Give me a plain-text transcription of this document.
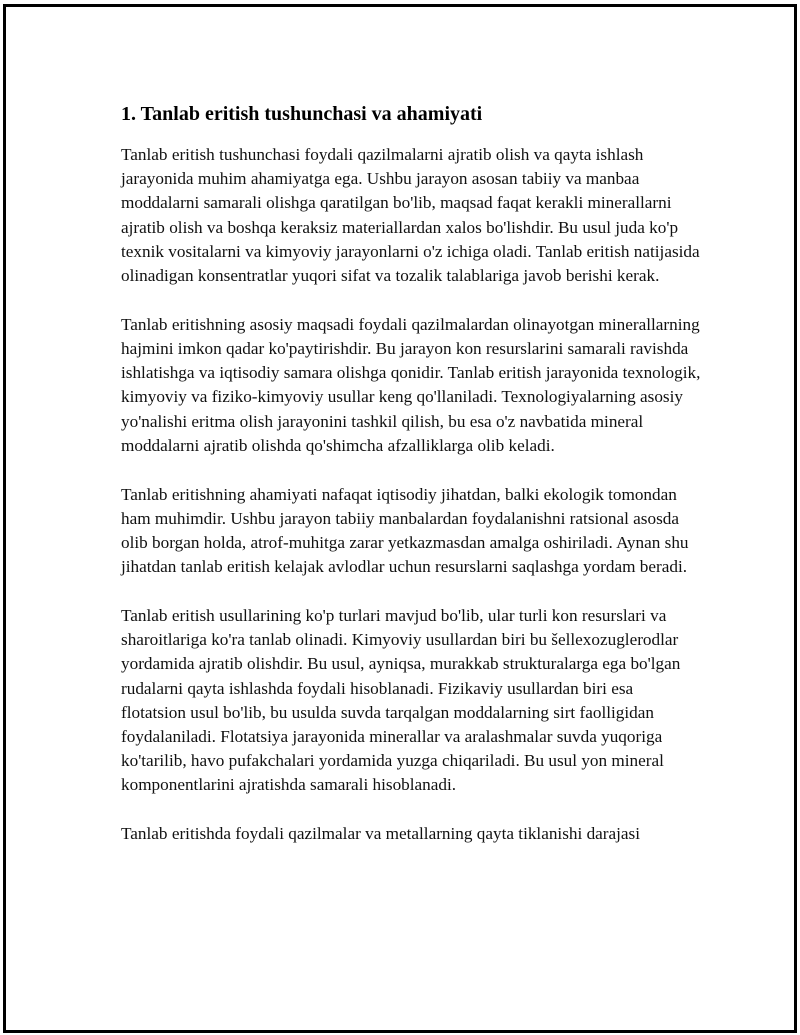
1. Tanlab eritish tushunchasi va ahamiyati

Tanlab eritish tushunchasi foydali qazilmalarni ajratib olish va qayta ishlash jarayonida muhim ahamiyatga ega. Ushbu jarayon asosan tabiiy va manbaa moddalarni samarali olishga qaratilgan bo'lib, maqsad faqat kerakli minerallarni ajratib olish va boshqa keraksiz materiallardan xalos bo'lishdir. Bu usul juda ko'p texnik vositalarni va kimyoviy jarayonlarni o'z ichiga oladi. Tanlab eritish natijasida olinadigan konsentratlar yuqori sifat va tozalik talablariga javob berishi kerak.

Tanlab eritishning asosiy maqsadi foydali qazilmalardan olinayotgan minerallarning hajmini imkon qadar ko'paytirishdir. Bu jarayon kon resurslarini samarali ravishda ishlatishga va iqtisodiy samara olishga qonidir. Tanlab eritish jarayonida texnologik, kimyoviy va fiziko-kimyoviy usullar keng qo'llaniladi. Texnologiyalarning asosiy yo'nalishi eritma olish jarayonini tashkil qilish, bu esa o'z navbatida mineral moddalarni ajratib olishda qo'shimcha afzalliklarga olib keladi.

Tanlab eritishning ahamiyati nafaqat iqtisodiy jihatdan, balki ekologik tomondan ham muhimdir. Ushbu jarayon tabiiy manbalardan foydalanishni ratsional asosda olib borgan holda, atrof-muhitga zarar yetkazmasdan amalga oshiriladi. Aynan shu jihatdan tanlab eritish kelajak avlodlar uchun resurslarni saqlashga yordam beradi.

Tanlab eritish usullarining ko'p turlari mavjud bo'lib, ular turli kon resurslari va sharoitlariga ko'ra tanlab olinadi. Kimyoviy usullardan biri bu šellexozuglerodlar yordamida ajratib olishdir. Bu usul, ayniqsa, murakkab strukturalarga ega bo'lgan rudalarni qayta ishlashda foydali hisoblanadi. Fizikaviy usullardan biri esa flotatsion usul bo'lib, bu usulda suvda tarqalgan moddalarning sirt faolligidan foydalaniladi. Flotatsiya jarayonida minerallar va aralashmalar suvda yuqoriga ko'tarilib, havo pufakchalari yordamida yuzga chiqariladi. Bu usul yon mineral komponentlarini ajratishda samarali hisoblanadi.

Tanlab eritishda foydali qazilmalar va metallarning qayta tiklanishi darajasi
